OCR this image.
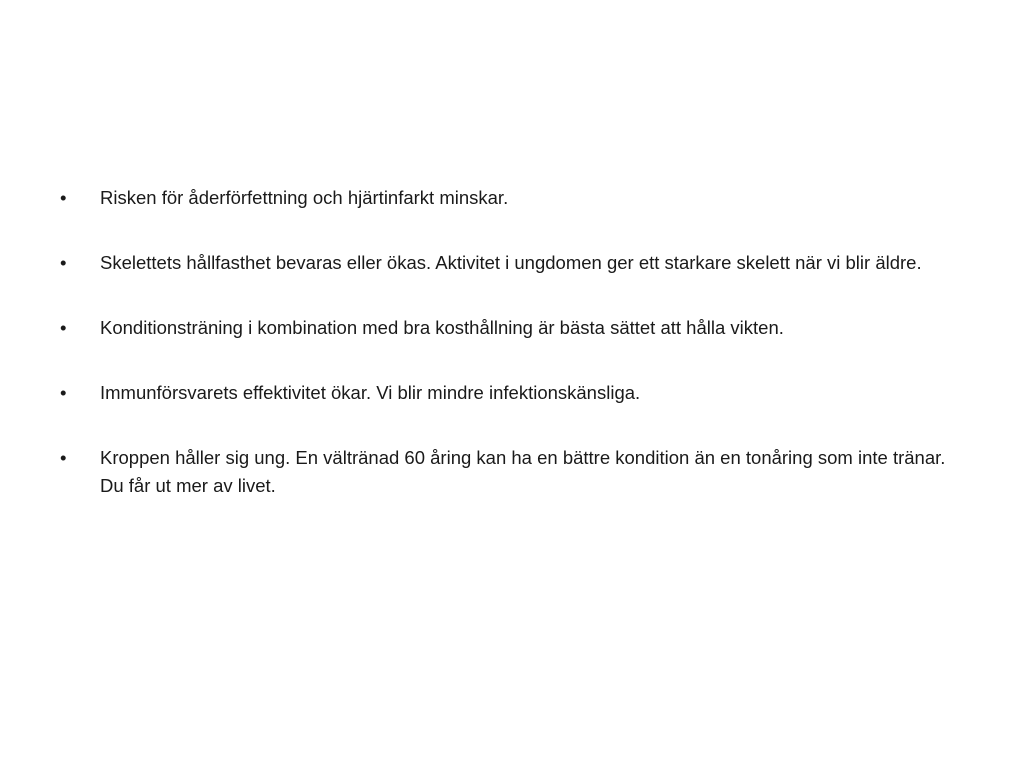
•	Risken för åderförfettning och hjärtinfarkt minskar.
•	Skelettets hållfasthet bevaras eller ökas. Aktivitet i ungdomen ger ett starkare skelett när vi blir äldre.
•	Konditionsträning i kombination med bra kosthållning är bästa sättet att hålla vikten.
•	Immunförsvarets effektivitet ökar. Vi blir mindre infektionskänsliga.
•	Kroppen håller sig ung. En vältränad 60 åring kan ha en bättre kondition än en tonåring som inte tränar. Du får ut mer av livet.
